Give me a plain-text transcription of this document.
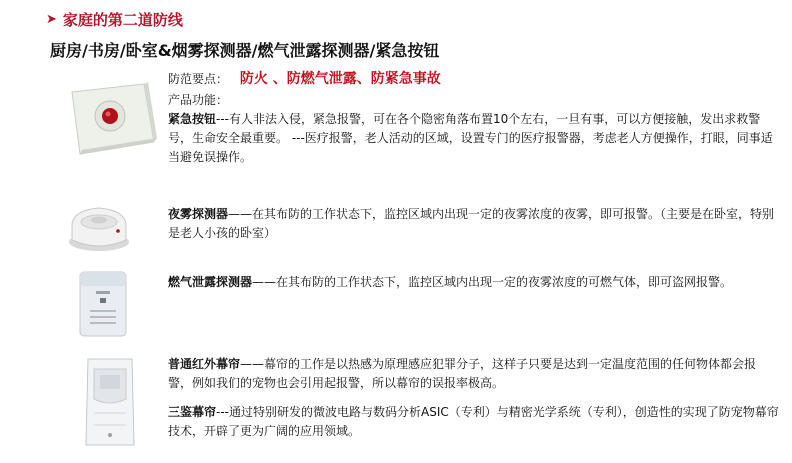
➤ 家庭的第二道防线
厨房/书房/卧室&烟雾探测器/燃气泄露探测器/紧急按钮
防范要点： 防火 、防燃气泄露、防紧急事故
产品功能：
紧急按钮---有人非法入侵，紧急报警，可在各个隐密角落布置10个左右，一旦有事，可以方便接触，发出求救警号，生命安全最重要。 ---医疗报警，老人活动的区域，设置专门的医疗报警器，考虑老人方便操作，打眼，同事适当避免误操作。
夜雾探测器——在其布防的工作状态下，监控区域内出现一定的夜雾浓度的夜雾，即可报警。（主要是在卧室，特别是老人小孩的卧室）
燃气泄露探测器——在其布防的工作状态下，监控区域内出现一定的夜雾浓度的可燃气体，即可盗网报警。
普通红外幕帘——幕帘的工作是以热感为原理感应犯罪分子，这样子只要是达到一定温度范围的任何物体都会报警，例如我们的宠物也会引用起报警，所以幕帘的误报率极高。
三鉴幕帘---通过特别研发的微波电路与数码分析ASIC（专利）与精密光学系统（专利），创造性的实现了防宠物幕帘技术，开辟了更为广阔的应用领域。
